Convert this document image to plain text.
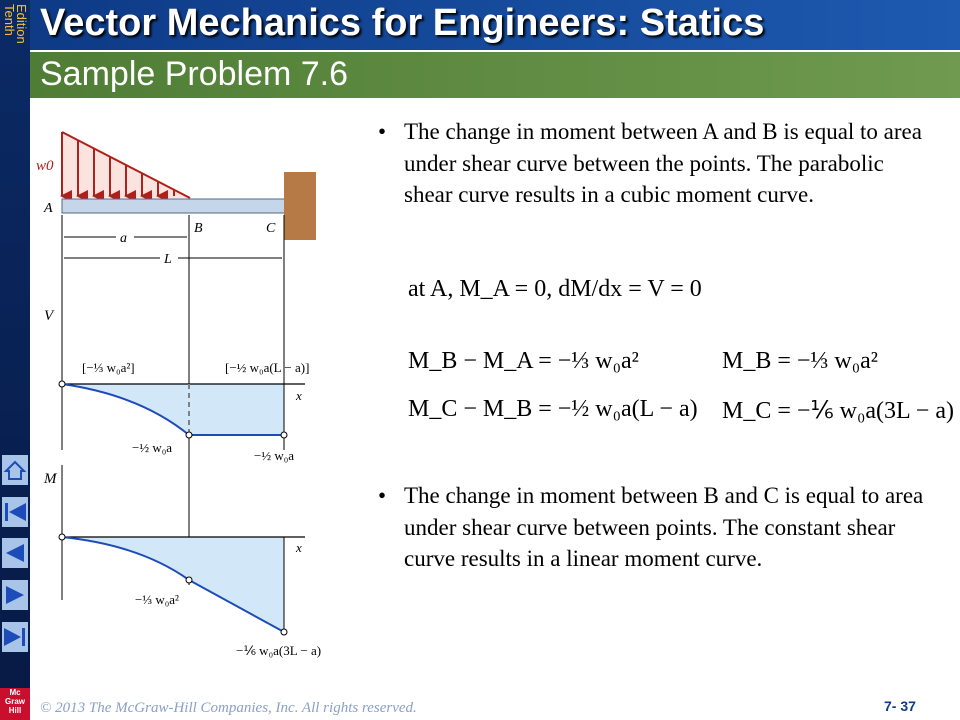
Tenth
Edition Vector Mechanics for Engineers: Statics
Sample Problem 7.6
w0
A
B	C
a
L
V
x
[−⅓ w₀a²]	[−½ w₀a(L − a)]
−½ w₀a
−½ w₀a
M
x
−⅓ w₀a²
−⅙ w₀a(3L − a)
• The change in moment between A and B is equal to area under shear curve between the points. The parabolic shear curve results in a cubic moment curve.
• The change in moment between B and C is equal to area under shear curve between points. The constant shear curve results in a linear moment curve.
at A, M_A = 0, dM/dx = V = 0
M_B − M_A = −⅓ w₀a²	M_B = −⅓ w₀a²
M_C − M_B = −½ w₀a(L − a) M_C = −⅙ w₀a(3L − a)
© 2013 The McGraw-Hill Companies, Inc. All rights reserved.	7- 37
Mc
Graw
Hill
